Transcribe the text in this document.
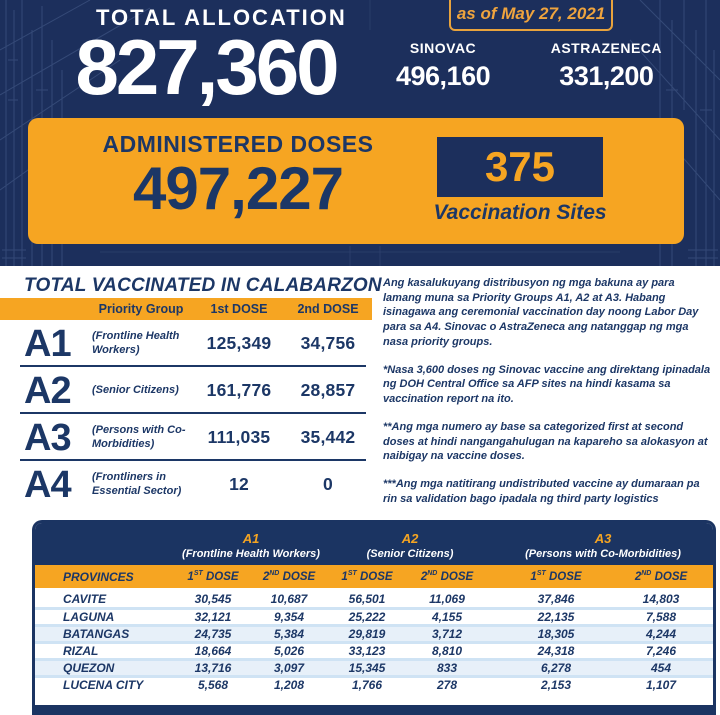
TOTAL ALLOCATION
827,360
as of May 27, 2021
SINOVAC
496,160
ASTRAZENECA
331,200
ADMINISTERED DOSES
497,227	375
Vaccination Sites
TOTAL VACCINATED IN CALABARZON
Priority Group	1st DOSE	2nd DOSE
A1	(Frontline Health Workers)	125,349	34,756
A2	(Senior Citizens)	161,776	28,857
A3	(Persons with Co-Morbidities)	111,035	35,442
A4	(Frontliners in Essential Sector)	12	0

Ang kasalukuyang distribusyon ng mga bakuna ay para lamang muna sa Priority Groups A1, A2 at A3. Habang isinagawa ang ceremonial vaccination day noong Labor Day para sa A4. Sinovac o AstraZeneca ang natanggap ng mga nasa priority groups.

*Nasa 3,600 doses ng Sinovac vaccine ang direktang ipinadala ng DOH Central Office sa AFP sites na hindi kasama sa vaccination report na ito.

**Ang mga numero ay base sa categorized first at second doses at hindi nangangahulugan na kapareho sa alokasyon at naibigay na vaccine doses.

***Ang mga natitirang undistributed vaccine ay dumaraan pa rin sa validation bago ipadala ng third party logistics

A1
(Frontline Health Workers)
A2
(Senior Citizens)
A3
(Persons with Co-Morbidities)
PROVINCES	1ST DOSE	2ND DOSE	1ST DOSE	2ND DOSE	1ST DOSE	2ND DOSE
CAVITE	30,545	10,687	56,501	11,069	37,846	14,803
LAGUNA	32,121	9,354	25,222	4,155	22,135	7,588
BATANGAS	24,735	5,384	29,819	3,712	18,305	4,244
RIZAL	18,664	5,026	33,123	8,810	24,318	7,246
QUEZON	13,716	3,097	15,345	833	6,278	454
LUCENA CITY	5,568	1,208	1,766	278	2,153	1,107
